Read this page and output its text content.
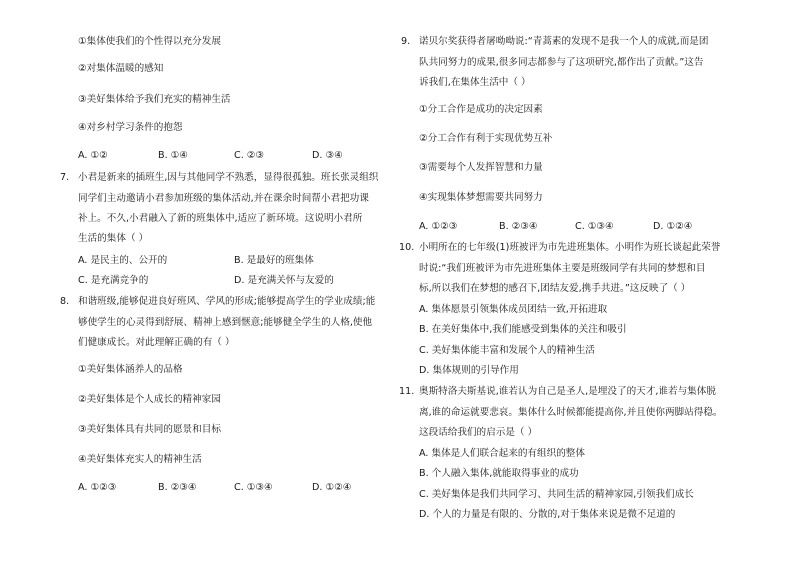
①集体使我们的个性得以充分发展
②对集体温暖的感知
③美好集体给予我们充实的精神生活
④对乡村学习条件的抱怨
A. ①②	B. ①④	C. ②③	D. ③④
7. 小君是新来的插班生,因与其他同学不熟悉，显得很孤独。班长张灵组织
同学们主动邀请小君参加班级的集体活动,并在课余时间帮小君把功课
补上。不久,小君融入了新的班集体中,适应了新环境。这说明小君所
生活的集体（ ）
A. 是民主的、公开的	B. 是最好的班集体
C. 是充满竞争的	D. 是充满关怀与友爱的
8. 和谐班级,能够促进良好班风、学风的形成;能够提高学生的学业成绩;能
够使学生的心灵得到舒展、精神上感到惬意;能够健全学生的人格,使他
们健康成长。对此理解正确的有（ ）
①美好集体涵养人的品格
②美好集体是个人成长的精神家园
③美好集体具有共同的愿景和目标
④美好集体充实人的精神生活
A. ①②③	B. ②③④	C. ①③④	D. ①②④
9. 诺贝尔奖获得者屠呦呦说:“青蒿素的发现不是我一个人的成就,而是团
队共同努力的成果,很多同志都参与了这项研究,都作出了贡献。”这告
诉我们,在集体生活中（ ）
①分工合作是成功的决定因素
②分工合作有利于实现优势互补
③需要每个人发挥智慧和力量
④实现集体梦想需要共同努力
A. ①②③	B. ②③④	C. ①③④	D. ①②④
10. 小明所在的七年级(1)班被评为市先进班集体。小明作为班长谈起此荣誉
时说:“我们班被评为市先进班集体主要是班级同学有共同的梦想和目
标,所以我们在梦想的感召下,团结友爱,携手共进。”这反映了（ ）
A. 集体愿景引领集体成员团结一致,开拓进取
B. 在美好集体中,我们能感受到集体的关注和吸引
C. 美好集体能丰富和发展个人的精神生活
D. 集体规则的引导作用
11. 奥斯特洛夫斯基说,谁若认为自己是圣人,是埋没了的天才,谁若与集体脱
离,谁的命运就要悲哀。集体什么时候都能提高你,并且使你两脚站得稳。
这段话给我们的启示是（ ）
A. 集体是人们联合起来的有组织的整体
B. 个人融入集体,就能取得事业的成功
C. 美好集体是我们共同学习、共同生活的精神家园,引领我们成长
D. 个人的力量是有限的、分散的,对于集体来说是微不足道的
